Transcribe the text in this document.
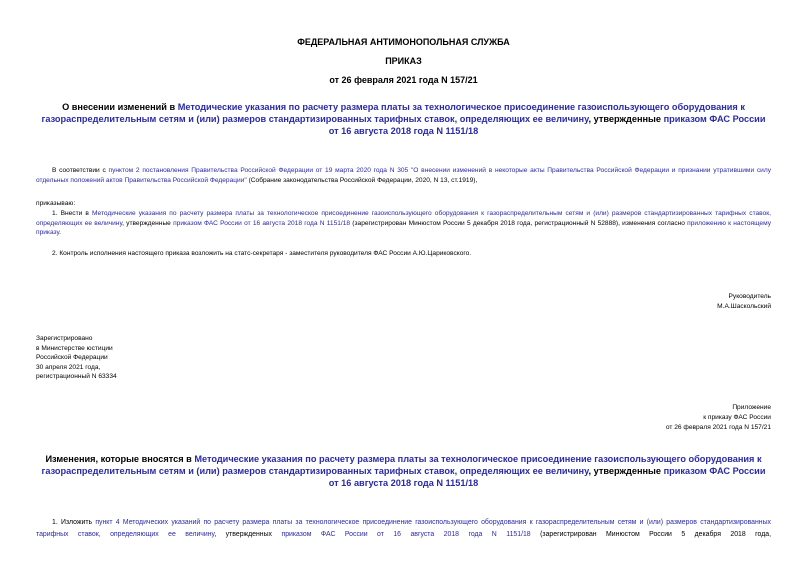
ФЕДЕРАЛЬНАЯ АНТИМОНОПОЛЬНАЯ СЛУЖБА
ПРИКАЗ
от 26 февраля 2021 года N 157/21
О внесении изменений в Методические указания по расчету размера платы за технологическое присоединение газоиспользующего оборудования к газораспределительным сетям и (или) размеров стандартизированных тарифных ставок, определяющих ее величину, утвержденные приказом ФАС России от 16 августа 2018 года N 1151/18
В соответствии с пунктом 2 постановления Правительства Российской Федерации от 19 марта 2020 года N 305 "О внесении изменений в некоторые акты Правительства Российской Федерации и признании утратившими силу отдельных положений актов Правительства Российской Федерации" (Собрание законодательства Российской Федерации, 2020, N 13, ст.1919),
приказываю:
1. Внести в Методические указания по расчету размера платы за технологическое присоединение газоиспользующего оборудования к газораспределительным сетям и (или) размеров стандартизированных тарифных ставок, определяющих ее величину, утвержденные приказом ФАС России от 16 августа 2018 года N 1151/18 (зарегистрирован Минюстом России 5 декабря 2018 года, регистрационный N 52888), изменения согласно приложению к настоящему приказу.
2. Контроль исполнения настоящего приказа возложить на статс-секретаря - заместителя руководителя ФАС России А.Ю.Цариковского.
Руководитель
М.А.Шаскольский
Зарегистрировано
в Министерстве юстиции
Российской Федерации
30 апреля 2021 года,
регистрационный N 63334
Приложение
к приказу ФАС России
от 26 февраля 2021 года N 157/21
Изменения, которые вносятся в Методические указания по расчету размера платы за технологическое присоединение газоиспользующего оборудования к газораспределительным сетям и (или) размеров стандартизированных тарифных ставок, определяющих ее величину, утвержденные приказом ФАС России от 16 августа 2018 года N 1151/18
1. Изложить пункт 4 Методических указаний по расчету размера платы за технологическое присоединение газоиспользующего оборудования к газораспределительным сетям и (или) размеров стандартизированных тарифных ставок, определяющих ее величину, утвержденных приказом ФАС России от 16 августа 2018 года N 1151/18 (зарегистрирован Минюстом России 5 декабря 2018 года,
